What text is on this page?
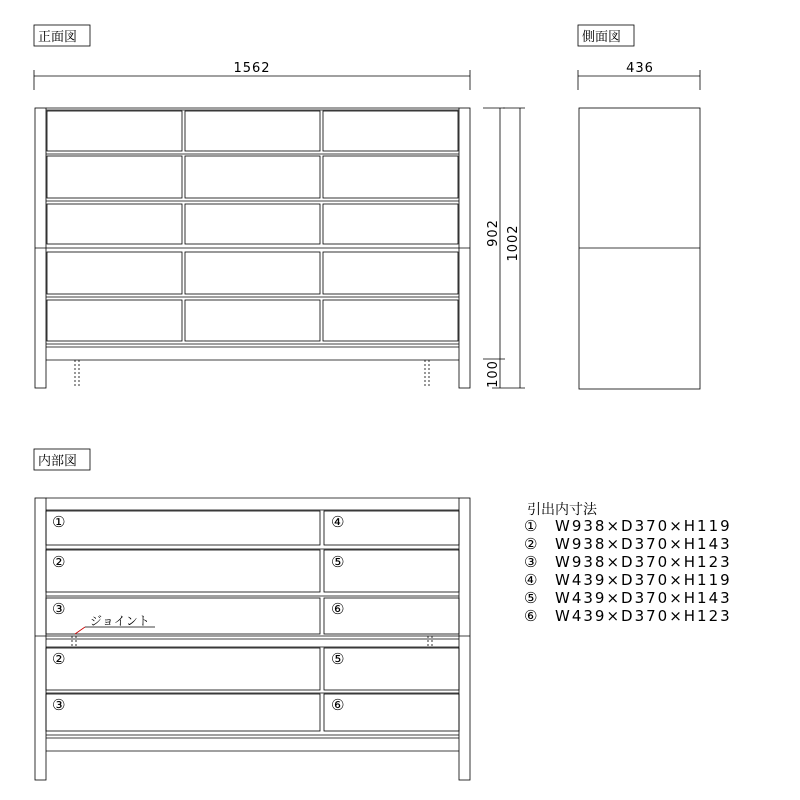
正面図
1562
902 1002
100
側面図
436
内部図
ジョイント
①	④
②	⑤
③	⑥
②	⑤
③	⑥
引出内寸法
① W938×D370×H119
② W938×D370×H143
③ W938×D370×H123
④ W439×D370×H119
⑤ W439×D370×H143
⑥ W439×D370×H123
